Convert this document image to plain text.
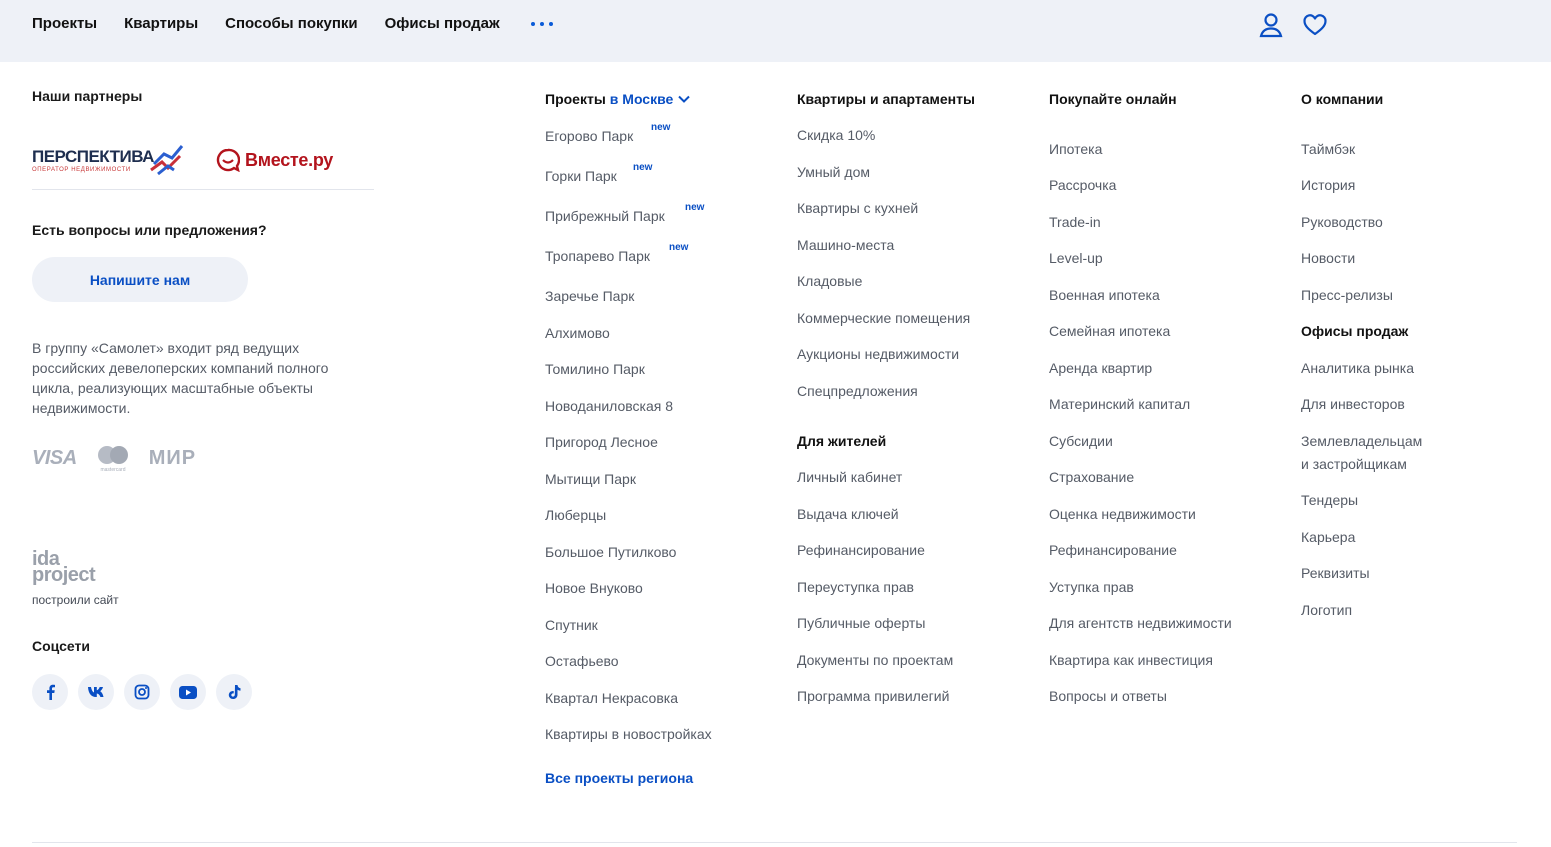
Проекты Квартиры Способы покупки Офисы продаж
Наши партнеры
ПЕРСПЕКТИВА
ОПЕРАТОР НЕДВИЖИМОСТИ
Вместе.ру
Есть вопросы или предложения?
Напишите нам

В группу «Самолет» входит ряд ведущих российских девелоперских компаний полного цикла, реализующих масштабные объекты недвижимости.

VISA
mastercard
МИР
ida
project
построили сайт
Соцсети
Проекты в Москве
Егорово Парк
new
Горки Парк
new
Прибрежный Парк
new
Тропарево Парк
new
Заречье Парк
Алхимово
Томилино Парк
Новоданиловская 8
Пригород Лесное
Мытищи Парк
Люберцы
Большое Путилково
Новое Внуково
Спутник
Остафьево
Квартал Некрасовка
Квартиры в новостройках
Все проекты региона
Квартиры и апартаменты
Скидка 10%
Умный дом
Квартиры с кухней
Машино-места
Кладовые
Коммерческие помещения
Аукционы недвижимости
Спецпредложения
Для жителей
Личный кабинет
Выдача ключей
Рефинансирование
Переуступка прав
Публичные оферты
Документы по проектам
Программа привилегий
Покупайте онлайн
Ипотека
Рассрочка
Trade-in
Level-up
Военная ипотека
Семейная ипотека
Аренда квартир
Материнский капитал
Субсидии
Страхование
Оценка недвижимости
Рефинансирование
Уступка прав
Для агентств недвижимости
Квартира как инвестиция
Вопросы и ответы
О компании
Таймбэк
История
Руководство
Новости
Пресс-релизы
Офисы продаж
Аналитика рынка
Для инвесторов
Землевладельцам
и застройщикам
Тендеры
Карьера
Реквизиты
Логотип
